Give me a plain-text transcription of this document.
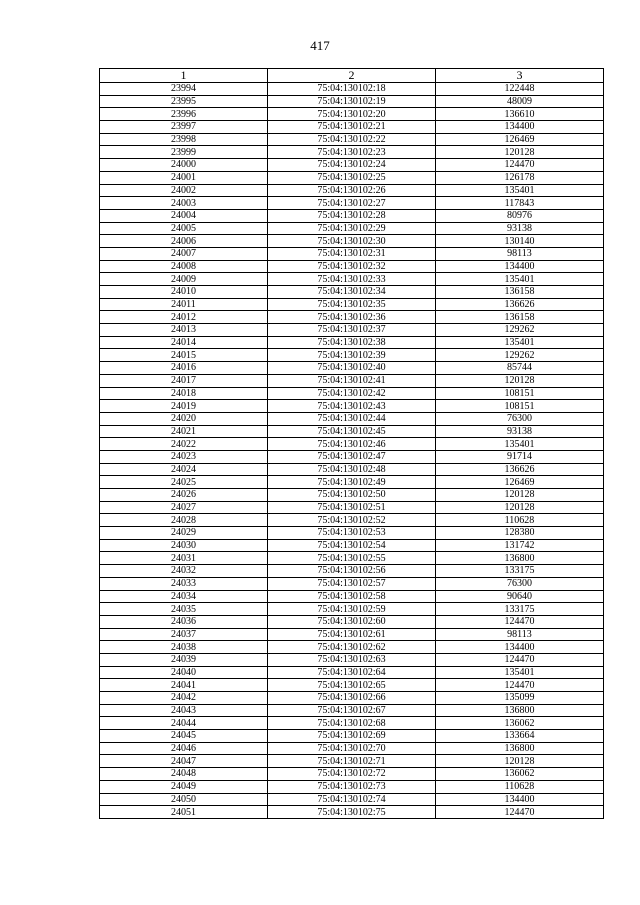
417
1	2	3
23994	75:04:130102:18	122448
23995	75:04:130102:19	48009
23996	75:04:130102:20	136610
23997	75:04:130102:21	134400
23998	75:04:130102:22	126469
23999	75:04:130102:23	120128
24000	75:04:130102:24	124470
24001	75:04:130102:25	126178
24002	75:04:130102:26	135401
24003	75:04:130102:27	117843
24004	75:04:130102:28	80976
24005	75:04:130102:29	93138
24006	75:04:130102:30	130140
24007	75:04:130102:31	98113
24008	75:04:130102:32	134400
24009	75:04:130102:33	135401
24010	75:04:130102:34	136158
24011	75:04:130102:35	136626
24012	75:04:130102:36	136158
24013	75:04:130102:37	129262
24014	75:04:130102:38	135401
24015	75:04:130102:39	129262
24016	75:04:130102:40	85744
24017	75:04:130102:41	120128
24018	75:04:130102:42	108151
24019	75:04:130102:43	108151
24020	75:04:130102:44	76300
24021	75:04:130102:45	93138
24022	75:04:130102:46	135401
24023	75:04:130102:47	91714
24024	75:04:130102:48	136626
24025	75:04:130102:49	126469
24026	75:04:130102:50	120128
24027	75:04:130102:51	120128
24028	75:04:130102:52	110628
24029	75:04:130102:53	128380
24030	75:04:130102:54	131742
24031	75:04:130102:55	136800
24032	75:04:130102:56	133175
24033	75:04:130102:57	76300
24034	75:04:130102:58	90640
24035	75:04:130102:59	133175
24036	75:04:130102:60	124470
24037	75:04:130102:61	98113
24038	75:04:130102:62	134400
24039	75:04:130102:63	124470
24040	75:04:130102:64	135401
24041	75:04:130102:65	124470
24042	75:04:130102:66	135099
24043	75:04:130102:67	136800
24044	75:04:130102:68	136062
24045	75:04:130102:69	133664
24046	75:04:130102:70	136800
24047	75:04:130102:71	120128
24048	75:04:130102:72	136062
24049	75:04:130102:73	110628
24050	75:04:130102:74	134400
24051	75:04:130102:75	124470
